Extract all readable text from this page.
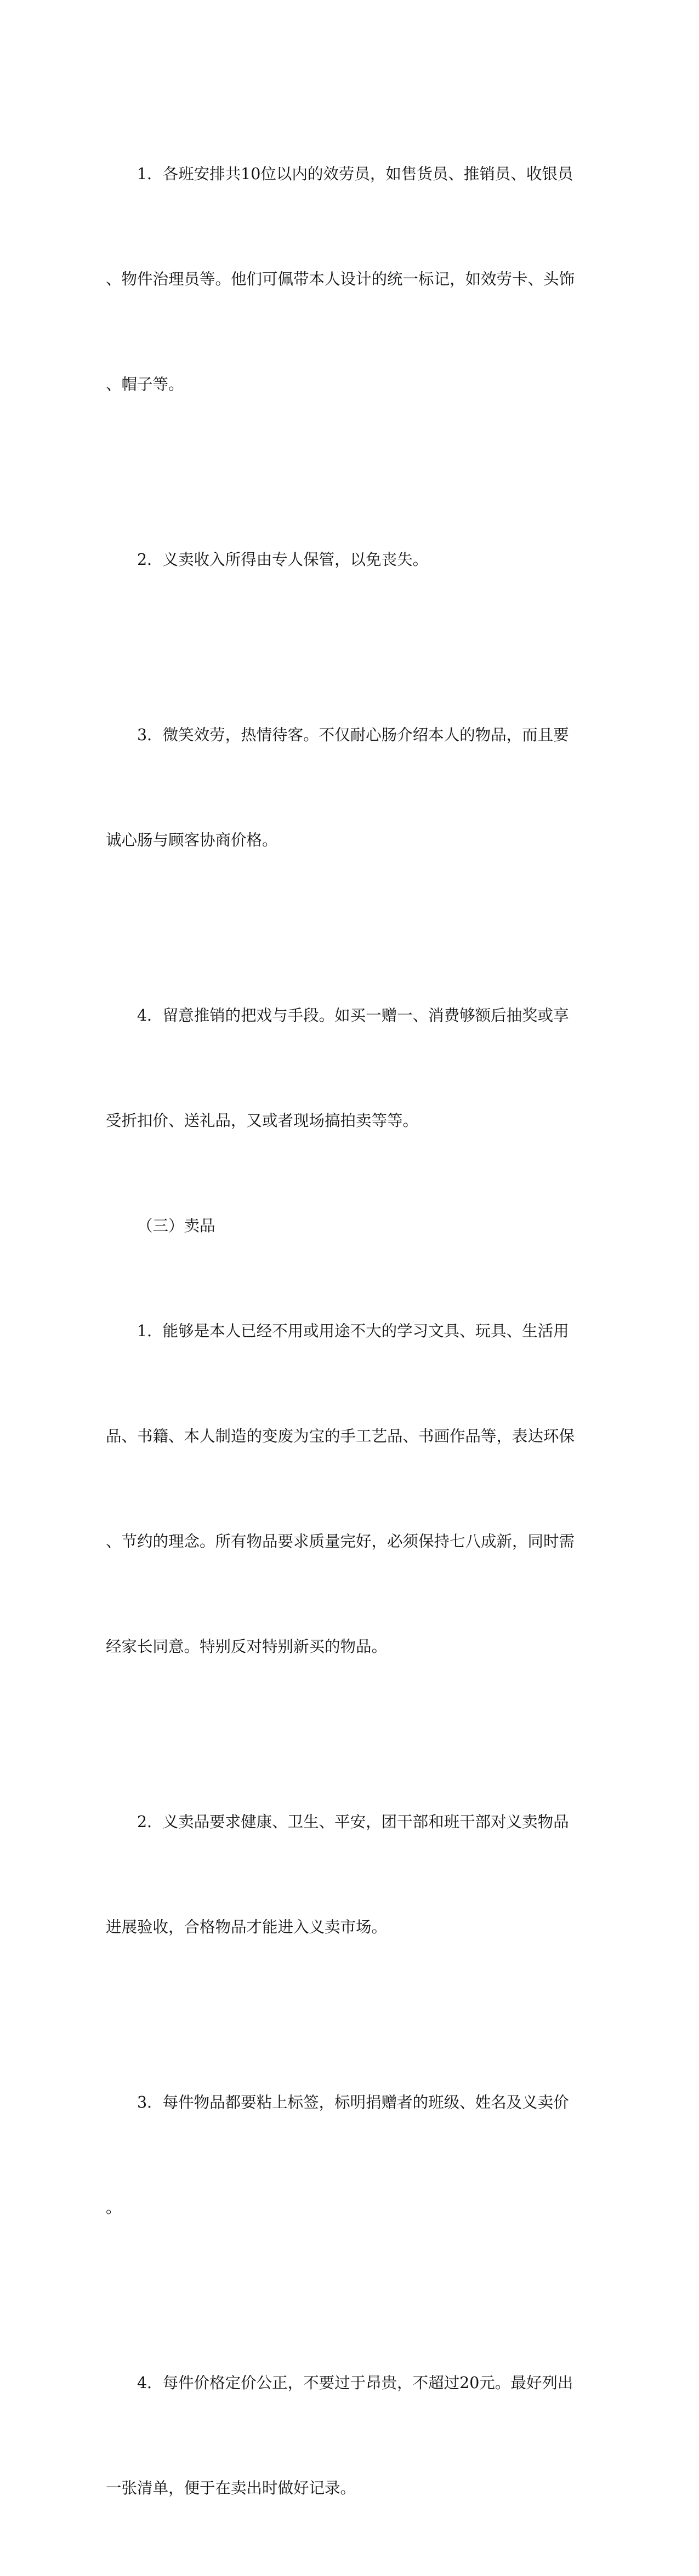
1．各班安排共10位以内的效劳员，如售货员、推销员、收银员

、物件治理员等。他们可佩带本人设计的统一标记，如效劳卡、头饰

、帽子等。

2．义卖收入所得由专人保管，以免丧失。

3．微笑效劳，热情待客。不仅耐心肠介绍本人的物品，而且要

诚心肠与顾客协商价格。

4．留意推销的把戏与手段。如买一赠一、消费够额后抽奖或享

受折扣价、送礼品，又或者现场搞拍卖等等。

（三）卖品

1．能够是本人已经不用或用途不大的学习文具、玩具、生活用

品、书籍、本人制造的变废为宝的手工艺品、书画作品等，表达环保

、节约的理念。所有物品要求质量完好，必须保持七八成新，同时需

经家长同意。特别反对特别新买的物品。

2．义卖品要求健康、卫生、平安，团干部和班干部对义卖物品

进展验收，合格物品才能进入义卖市场。

3．每件物品都要粘上标签，标明捐赠者的班级、姓名及义卖价

。

4．每件价格定价公正，不要过于昂贵，不超过20元。最好列出

一张清单，便于在卖出时做好记录。
